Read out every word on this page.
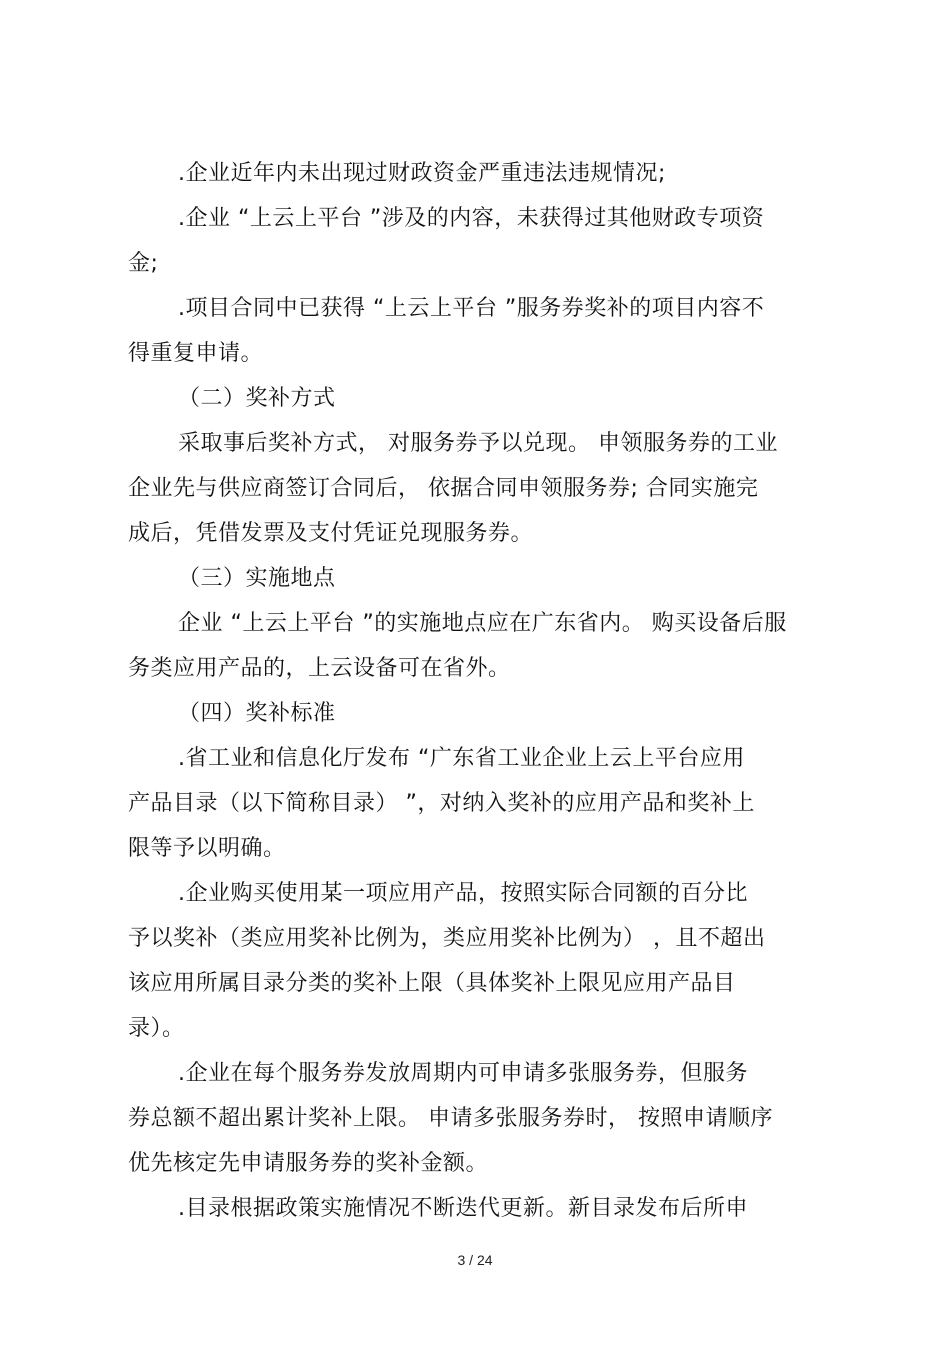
.企业近年内未出现过财政资金严重违法违规情况;
.企业 “上云上平台 ”涉及的内容，未获得过其他财政专项资
金;
.项目合同中已获得 “上云上平台 ”服务券奖补的项目内容不
得重复申请。
（二）奖补方式
采取事后奖补方式， 对服务券予以兑现。 申领服务券的工业
企业先与供应商签订合同后， 依据合同申领服务券; 合同实施完
成后，凭借发票及支付凭证兑现服务券。
（三）实施地点
企业 “上云上平台 ”的实施地点应在广东省内。 购买设备后服
务类应用产品的，上云设备可在省外。
（四）奖补标准
.省工业和信息化厅发布 “广东省工业企业上云上平台应用
产品目录（以下简称目录） ”，对纳入奖补的应用产品和奖补上
限等予以明确。
.企业购买使用某一项应用产品，按照实际合同额的百分比
予以奖补（类应用奖补比例为，类应用奖补比例为） ，且不超出
该应用所属目录分类的奖补上限（具体奖补上限见应用产品目
录）。
.企业在每个服务券发放周期内可申请多张服务券，但服务
券总额不超出累计奖补上限。 申请多张服务券时， 按照申请顺序
优先核定先申请服务券的奖补金额。
.目录根据政策实施情况不断迭代更新。新目录发布后所申
3 / 24
